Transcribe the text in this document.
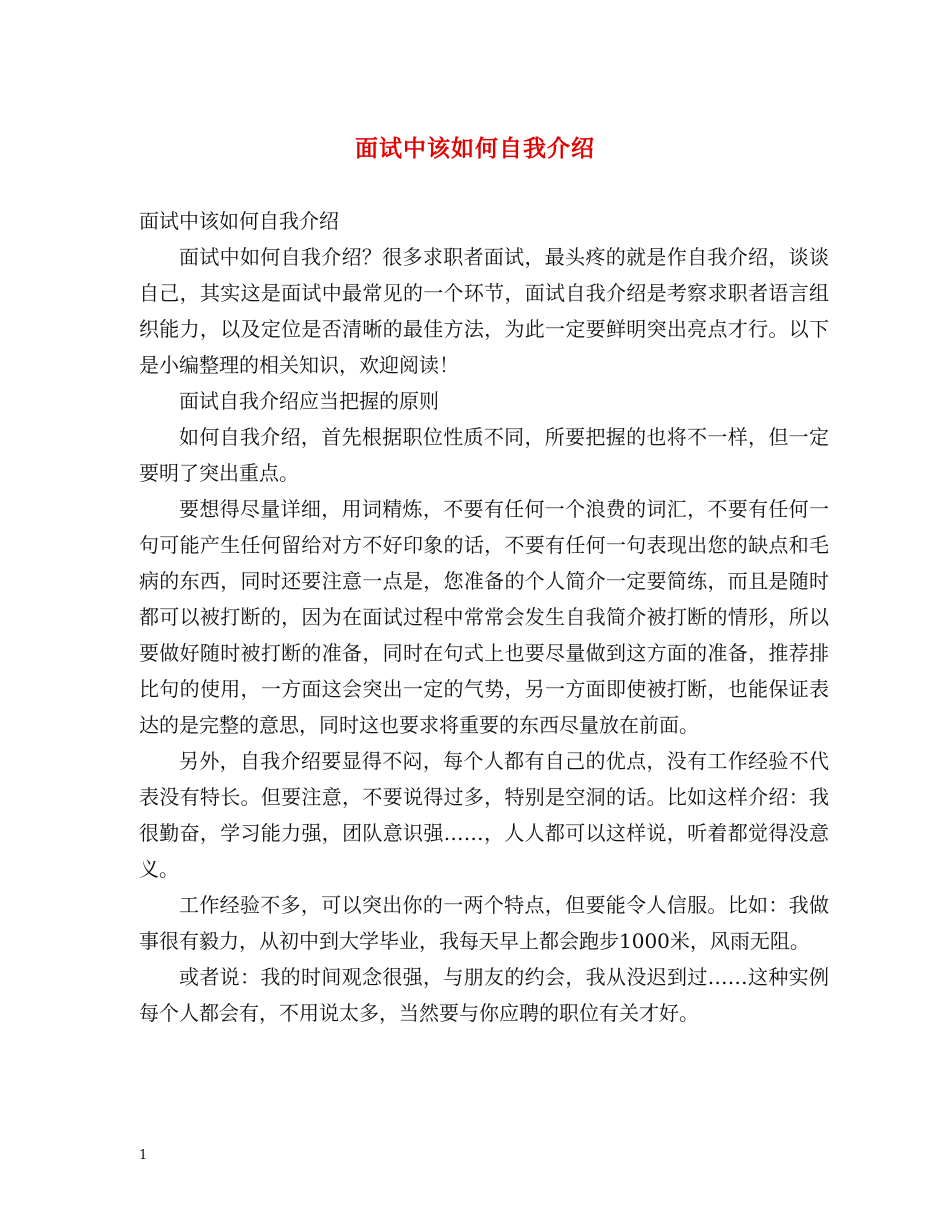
面试中该如何自我介绍

面试中该如何自我介绍

面试中如何自我介绍？很多求职者面试，最头疼的就是作自我介绍，谈谈自己，其实这是面试中最常见的一个环节，面试自我介绍是考察求职者语言组织能力，以及定位是否清晰的最佳方法，为此一定要鲜明突出亮点才行。以下是小编整理的相关知识，欢迎阅读！

面试自我介绍应当把握的原则

如何自我介绍，首先根据职位性质不同，所要把握的也将不一样，但一定要明了突出重点。

要想得尽量详细，用词精炼，不要有任何一个浪费的词汇，不要有任何一句可能产生任何留给对方不好印象的话，不要有任何一句表现出您的缺点和毛病的东西，同时还要注意一点是，您准备的个人简介一定要简练，而且是随时都可以被打断的，因为在面试过程中常常会发生自我简介被打断的情形，所以要做好随时被打断的准备，同时在句式上也要尽量做到这方面的准备，推荐排比句的使用，一方面这会突出一定的气势，另一方面即使被打断，也能保证表达的是完整的意思，同时这也要求将重要的东西尽量放在前面。

另外，自我介绍要显得不闷，每个人都有自己的优点，没有工作经验不代表没有特长。但要注意，不要说得过多，特别是空洞的话。比如这样介绍：我很勤奋，学习能力强，团队意识强……，人人都可以这样说，听着都觉得没意义。

工作经验不多，可以突出你的一两个特点，但要能令人信服。比如：我做事很有毅力，从初中到大学毕业，我每天早上都会跑步1000米，风雨无阻。

或者说：我的时间观念很强，与朋友的约会，我从没迟到过……这种实例每个人都会有，不用说太多，当然要与你应聘的职位有关才好。

1
